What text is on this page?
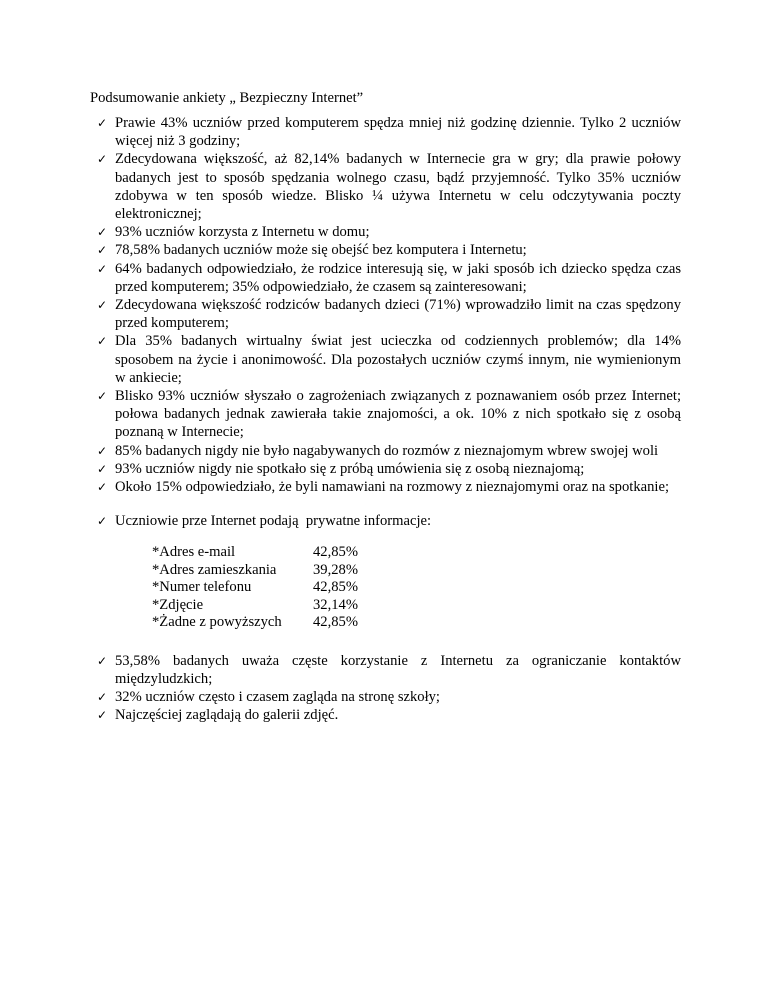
Podsumowanie ankiety „ Bezpieczny Internet”
✓ Prawie 43% uczniów przed komputerem spędza mniej niż godzinę dziennie. Tylko 2 uczniów więcej niż 3 godziny;
✓ Zdecydowana większość, aż 82,14% badanych w Internecie gra w gry; dla prawie połowy badanych jest to sposób spędzania wolnego czasu, bądź przyjemność. Tylko 35% uczniów zdobywa w ten sposób wiedze. Blisko ¼ używa Internetu w celu odczytywania poczty elektronicznej;
✓ 93% uczniów korzysta z Internetu w domu;
✓ 78,58% badanych uczniów może się obejść bez komputera i Internetu;
✓ 64% badanych odpowiedziało, że rodzice interesują się, w jaki sposób ich dziecko spędza czas przed komputerem; 35% odpowiedziało, że czasem są zainteresowani;
✓ Zdecydowana większość rodziców badanych dzieci (71%) wprowadziło limit na czas spędzony przed komputerem;
✓ Dla 35% badanych wirtualny świat jest ucieczka od codziennych problemów; dla 14% sposobem na życie i anonimowość. Dla pozostałych uczniów czymś innym, nie wymienionym    w ankiecie;
✓ Blisko 93% uczniów słyszało o zagrożeniach związanych z poznawaniem osób przez Internet; połowa badanych jednak zawierała takie znajomości, a ok. 10% z nich spotkało się z osobą poznaną w Internecie;
✓ 85% badanych nigdy nie było nagabywanych do rozmów z nieznajomym wbrew swojej woli
✓ 93% uczniów nigdy nie spotkało się z próbą umówienia się z osobą nieznajomą;
✓ Około 15% odpowiedziało, że byli namawiani na rozmowy z nieznajomymi oraz na spotkanie;
✓ Uczniowie prze Internet podają  prywatne informacje:
*Adres e-mail	42,85%
*Adres zamieszkania	39,28%
*Numer telefonu	42,85%
*Zdjęcie	32,14%
*Żadne z powyższych	42,85%
✓ 53,58% badanych uważa częste korzystanie z Internetu za ograniczanie kontaktów międzyludzkich;
✓ 32% uczniów często i czasem zagląda na stronę szkoły;
✓ Najczęściej zaglądają do galerii zdjęć.
